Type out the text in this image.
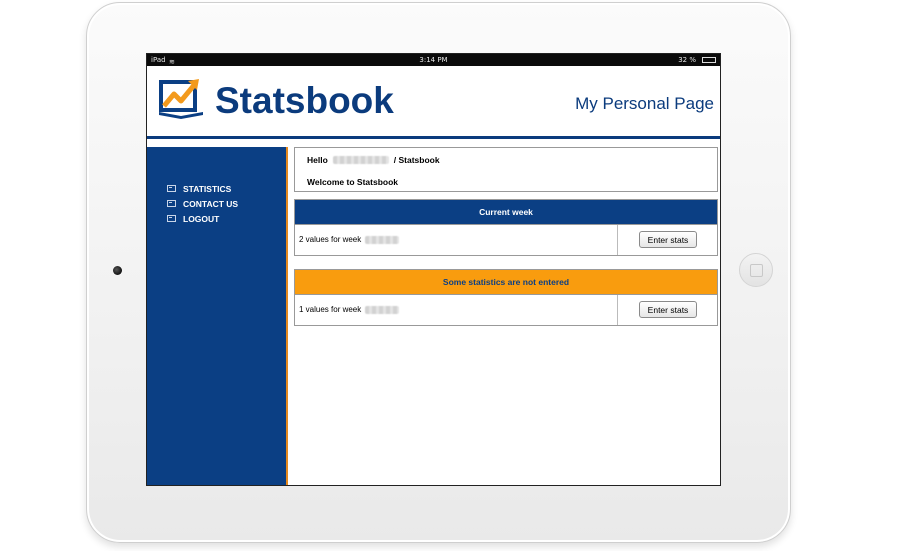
iPad ≋	3:14 PM	32 %
Statsbook	My Personal Page
STATISTICS
CONTACT US
LOGOUT
Hello	/ Statsbook
Welcome to Statsbook
Current week
2 values for week	Enter stats
Some statistics are not entered
1 values for week	Enter stats
